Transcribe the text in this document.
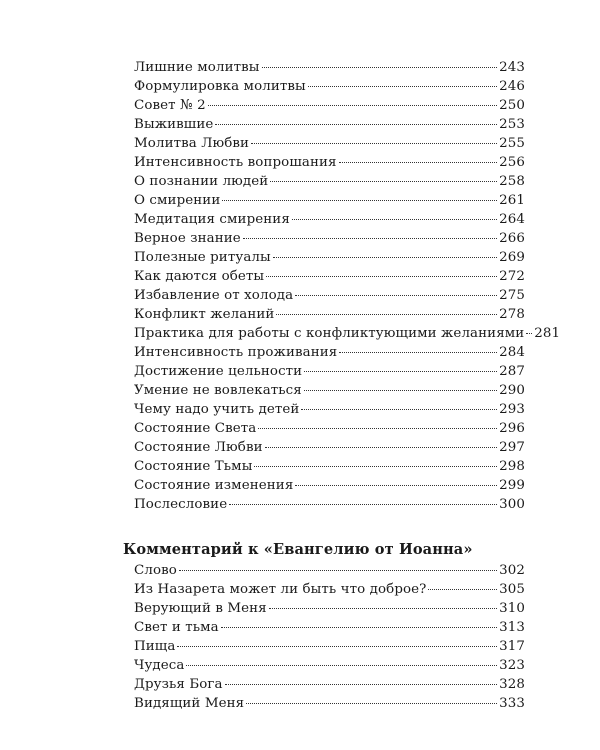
Лишние молитвы	243
Формулировка молитвы	246
Совет № 2	250
Выжившие	253
Молитва Любви	255
Интенсивность вопрошания	256
О познании людей	258
О смирении	261
Медитация смирения	264
Верное знание	266
Полезные ритуалы	269
Как даются обеты	272
Избавление от холода	275
Конфликт желаний	278
Практика для работы с конфликтующими желаниями 281
Интенсивность проживания	284
Достижение цельности	287
Умение не вовлекаться	290
Чему надо учить детей	293
Состояние Света	296
Состояние Любви	297
Состояние Тьмы	298
Состояние изменения	299
Послесловие	300
Комментарий к «Евангелию от Иоанна»
Слово	302
Из Назарета может ли быть что доброе?	305
Верующий в Меня	310
Свет и тьма	313
Пища	317
Чудеса	323
Друзья Бога	328
Видящий Меня	333
